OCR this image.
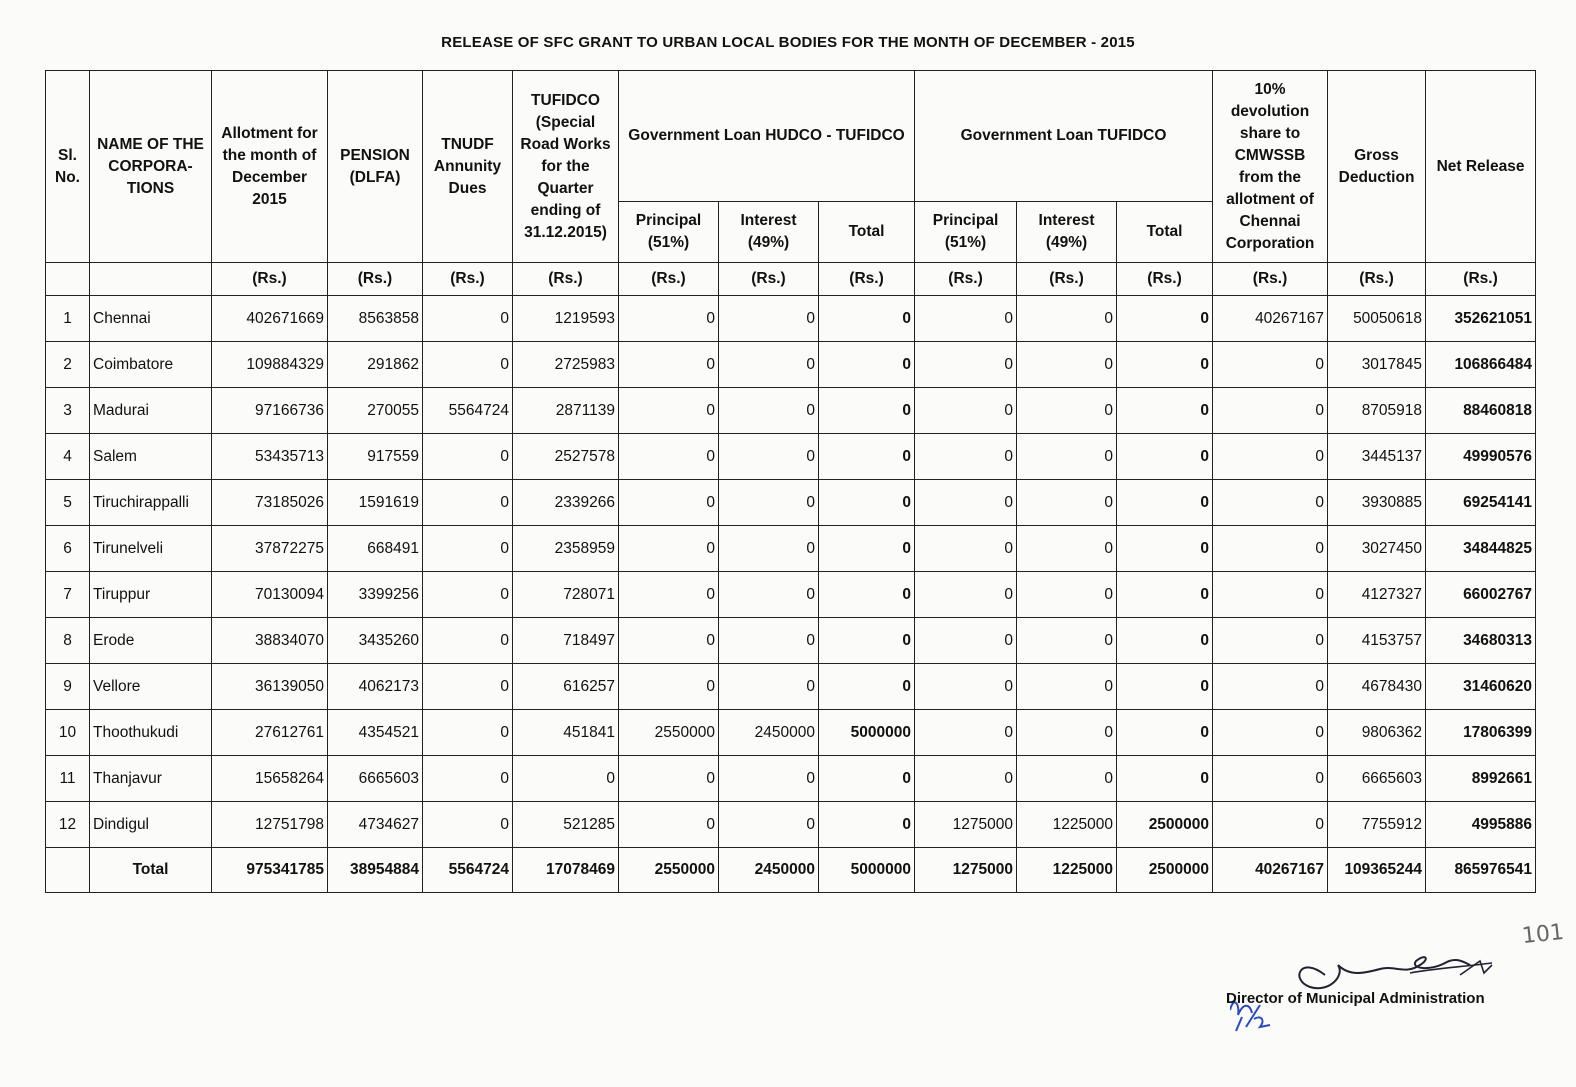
RELEASE OF SFC GRANT TO URBAN LOCAL BODIES FOR THE MONTH OF DECEMBER - 2015
Sl. No.	NAME OF THE CORPORA-TIONS	Allotment for the month of December 2015	PENSION (DLFA)	TNUDF Annunity Dues	TUFIDCO (Special Road Works for the Quarter ending of 31.12.2015)	Government Loan HUDCO - TUFIDCO			Government Loan TUFIDCO			10% devolution share to CMWSSB from the allotment of Chennai Corporation	Gross Deduction	Net Release
						Principal (51%)	Interest (49%)	Total	Principal (51%)	Interest (49%)	Total			
		(Rs.)	(Rs.)	(Rs.)	(Rs.)	(Rs.)	(Rs.)	(Rs.)	(Rs.)	(Rs.)	(Rs.)	(Rs.)	(Rs.)	(Rs.)
1	Chennai	402671669	8563858	0	1219593	0	0	0	0	0	0	40267167	50050618	352621051
2	Coimbatore	109884329	291862	0	2725983	0	0	0	0	0	0	0	3017845	106866484
3	Madurai	97166736	270055	5564724	2871139	0	0	0	0	0	0	0	8705918	88460818
4	Salem	53435713	917559	0	2527578	0	0	0	0	0	0	0	3445137	49990576
5	Tiruchirappalli	73185026	1591619	0	2339266	0	0	0	0	0	0	0	3930885	69254141
6	Tirunelveli	37872275	668491	0	2358959	0	0	0	0	0	0	0	3027450	34844825
7	Tiruppur	70130094	3399256	0	728071	0	0	0	0	0	0	0	4127327	66002767
8	Erode	38834070	3435260	0	718497	0	0	0	0	0	0	0	4153757	34680313
9	Vellore	36139050	4062173	0	616257	0	0	0	0	0	0	0	4678430	31460620
10	Thoothukudi	27612761	4354521	0	451841	2550000	2450000	5000000	0	0	0	0	9806362	17806399
11	Thanjavur	15658264	6665603	0	0	0	0	0	0	0	0	0	6665603	8992661
12	Dindigul	12751798	4734627	0	521285	0	0	0	1275000	1225000	2500000	0	7755912	4995886
	Total	975341785	38954884	5564724	17078469	2550000	2450000	5000000	1275000	1225000	2500000	40267167	109365244	865976541
Director of Municipal Administration
101
